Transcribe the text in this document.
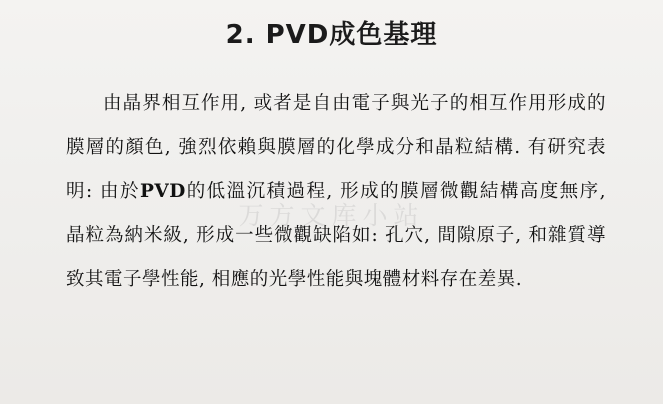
万方文库小站
2. PVD成色基理
由晶界相互作用, 或者是自由電子與光子的相互作用形成的膜層的顏色, 強烈依賴與膜層的化學成分和晶粒結構. 有研究表明: 由於PVD的低溫沉積過程, 形成的膜層微觀結構高度無序, 晶粒為納米級, 形成一些微觀缺陷如: 孔穴, 間隙原子, 和雜質導致其電子學性能, 相應的光學性能與塊體材料存在差異.
